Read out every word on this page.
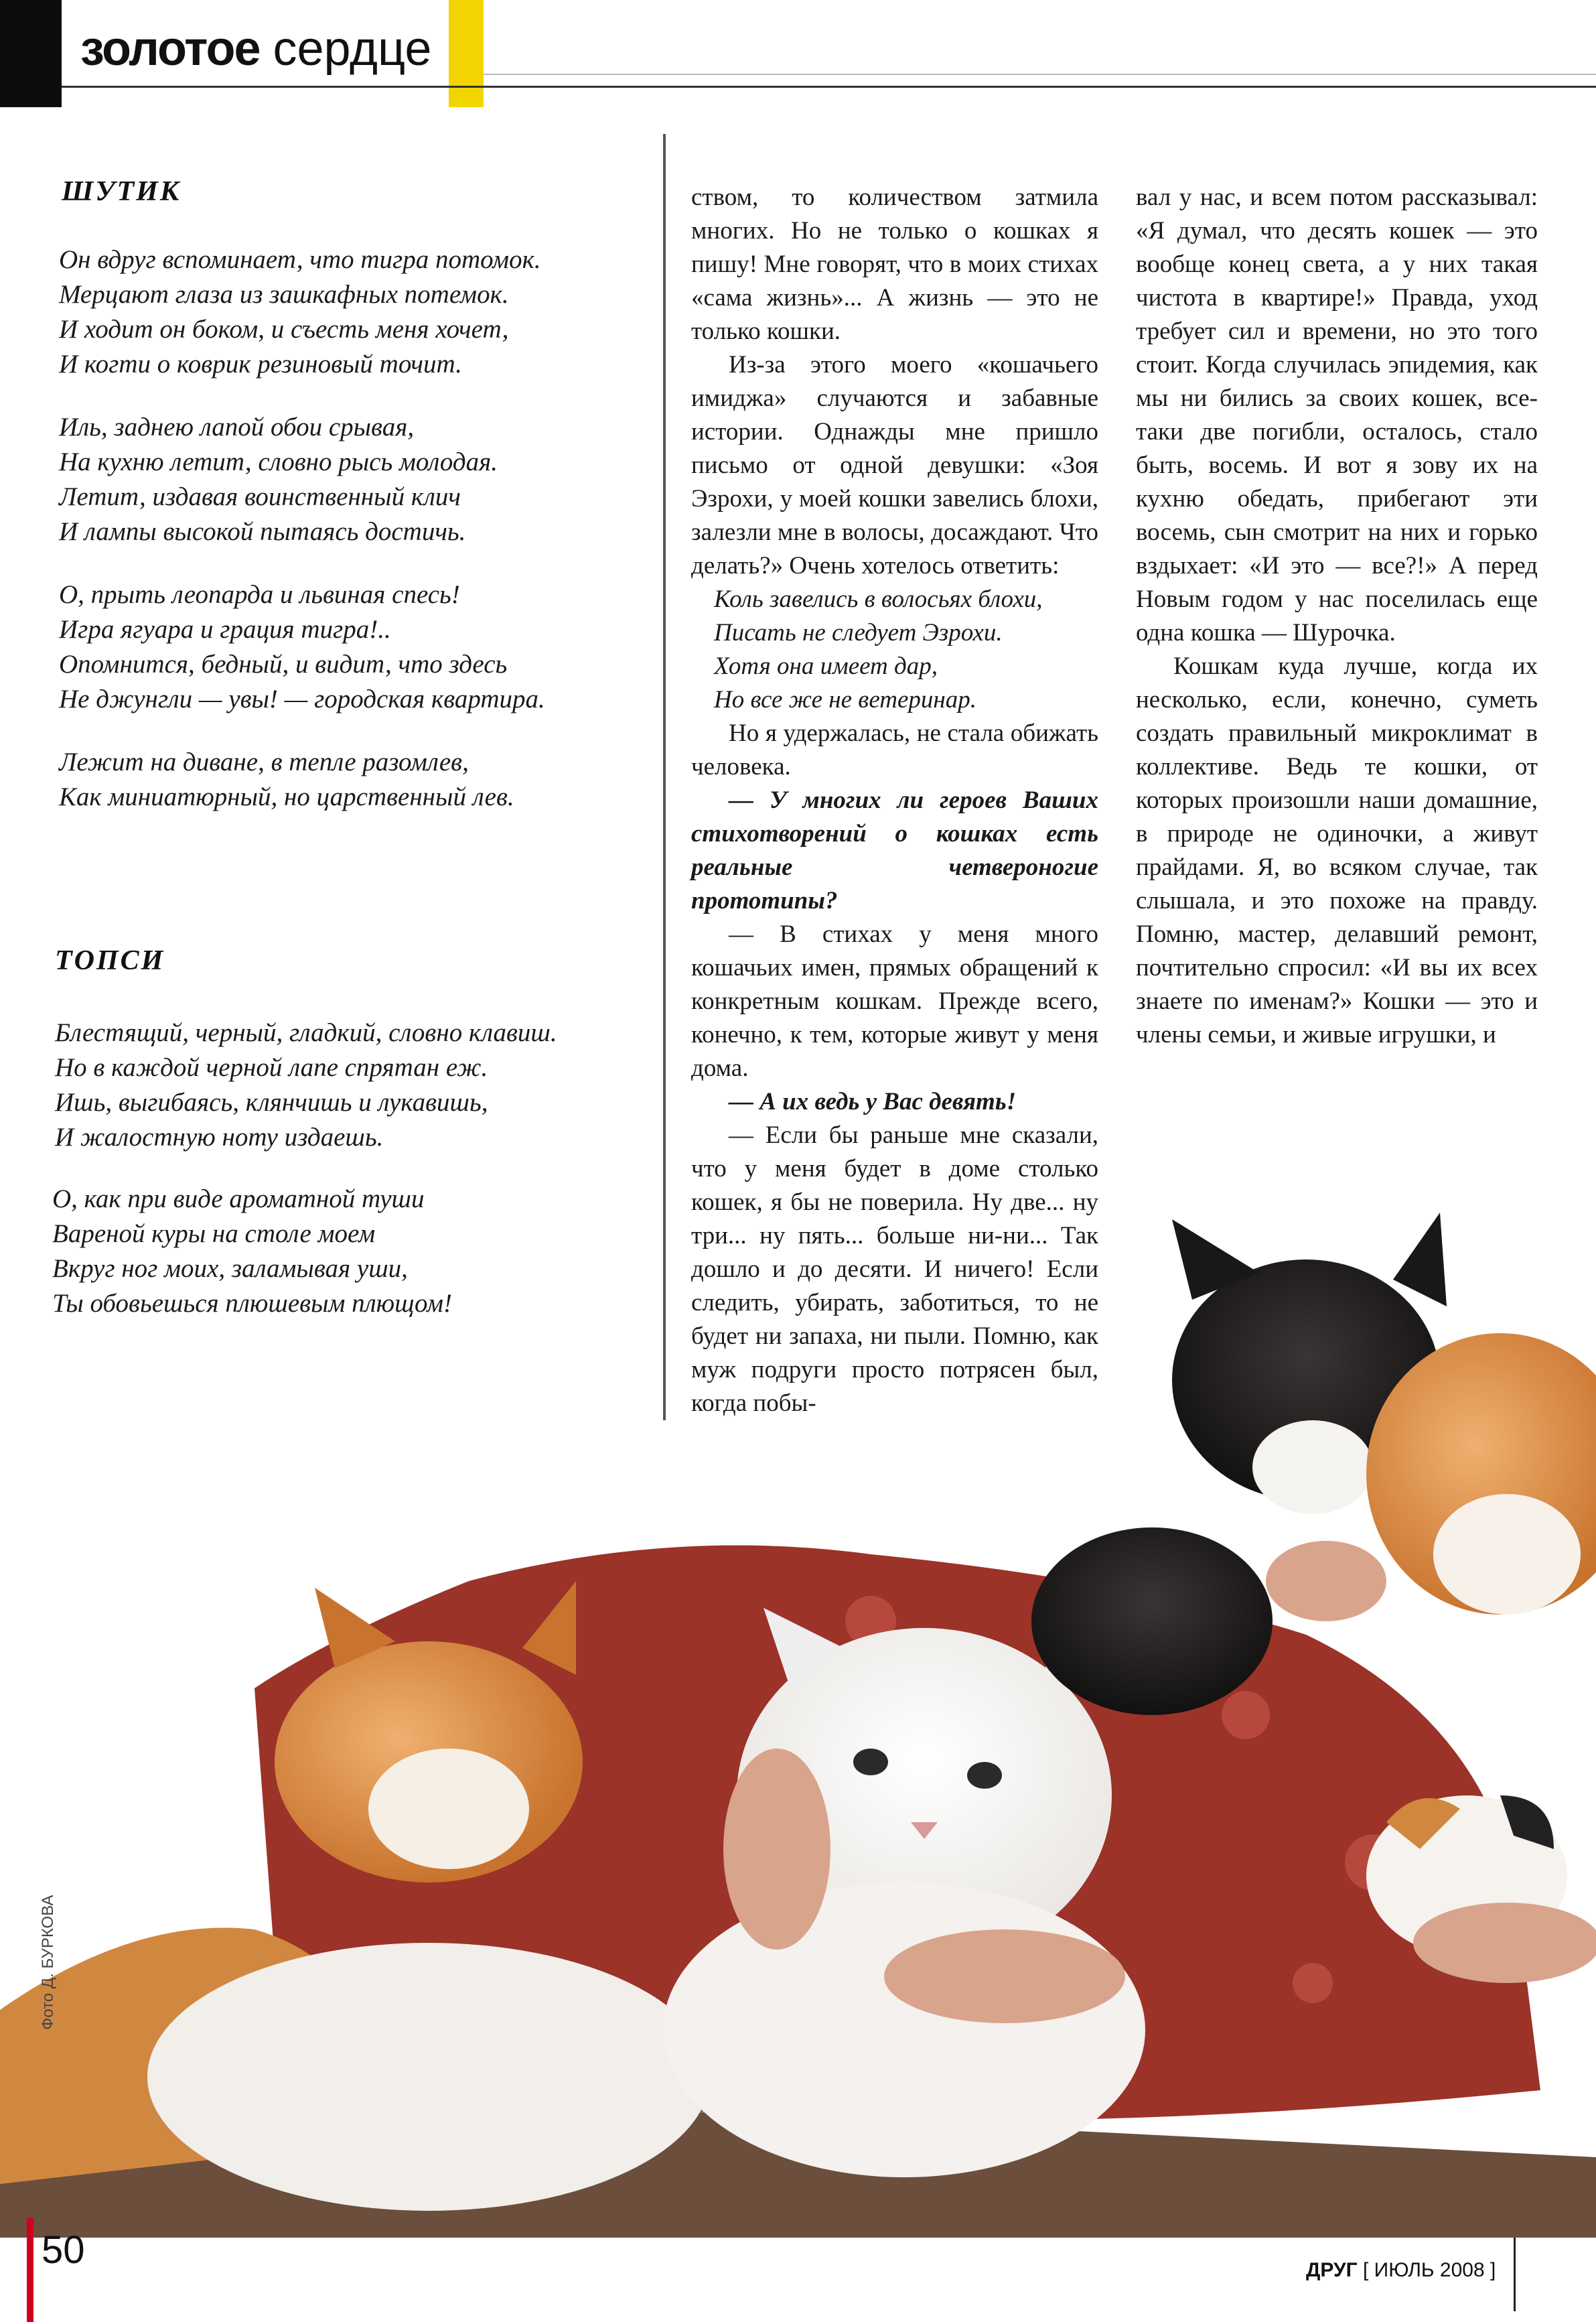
золотое сердце
ШУТИК
Он вдруг вспоминает, что тигра потомок.
Мерцают глаза из зашкафных потемок.
И ходит он боком, и съесть меня хочет,
И когти о коврик резиновый точит.
Иль, заднею лапой обои срывая,
На кухню летит, словно рысь молодая.
Летит, издавая воинственный клич
И лампы высокой пытаясь достичь.
О, прыть леопарда и львиная спесь!
Игра ягуара и грация тигра!..
Опомнится, бедный, и видит, что здесь
Не джунгли — увы! — городская квартира.
Лежит на диване, в тепле разомлев,
Как миниатюрный, но царственный лев.
ТОПСИ
Блестящий, черный, гладкий, словно клавиш.
Но в каждой черной лапе спрятан еж.
Ишь, выгибаясь, клянчишь и лукавишь,
И жалостную ноту издаешь.
О, как при виде ароматной туши
Вареной куры на столе моем
Вкруг ног моих, заламывая уши,
Ты обовьешься плюшевым плющом!

ством, то количеством затмила многих. Но не только о кошках я пишу! Мне говорят, что в моих стихах «сама жизнь»... А жизнь — это не только кошки.

Из-за этого моего «кошачьего имиджа» случаются и забавные истории. Однажды мне пришло письмо от одной девушки: «Зоя Эзрохи, у моей кошки завелись блохи, залезли мне в волосы, досаждают. Что делать?» Очень хотелось ответить:

Коль завелись в волосьях блохи,

Писать не следует Эзрохи.

Хотя она имеет дар,

Но все же не ветеринар.

Но я удержалась, не стала обижать человека.

— У многих ли героев Ваших стихотворений о кошках есть реальные четвероногие прототипы?

— В стихах у меня много кошачьих имен, прямых обращений к конкретным кошкам. Прежде всего, конечно, к тем, которые живут у меня дома.

— А их ведь у Вас девять!

— Если бы раньше мне сказали, что у меня будет в доме столько кошек, я бы не поверила. Ну две... ну три... ну пять... больше ни-ни... Так дошло и до десяти. И ничего! Если следить, убирать, заботиться, то не будет ни запаха, ни пыли. Помню, как муж подруги просто потрясен был, когда побы-

вал у нас, и всем потом рассказывал: «Я думал, что десять кошек — это вообще конец света, а у них такая чистота в квартире!» Правда, уход требует сил и времени, но это того стоит. Когда случилась эпидемия, как мы ни бились за своих кошек, все-таки две погибли, осталось, стало быть, восемь. И вот я зову их на кухню обедать, прибегают эти восемь, сын смотрит на них и горько вздыхает: «И это — все?!» А перед Новым годом у нас поселилась еще одна кошка — Шурочка.

Кошкам куда лучше, когда их несколько, если, конечно, суметь создать правильный микроклимат в коллективе. Ведь те кошки, от которых произошли наши домашние, в природе не одиночки, а живут прайдами. Я, во всяком случае, так слышала, и это похоже на правду. Помню, мастер, делавший ремонт, почтительно спросил: «И вы их всех знаете по именам?» Кошки — это и члены семьи, и живые игрушки, и

Фото Д. БУРКОВА
50	ДРУГ [ ИЮЛЬ 2008 ]
